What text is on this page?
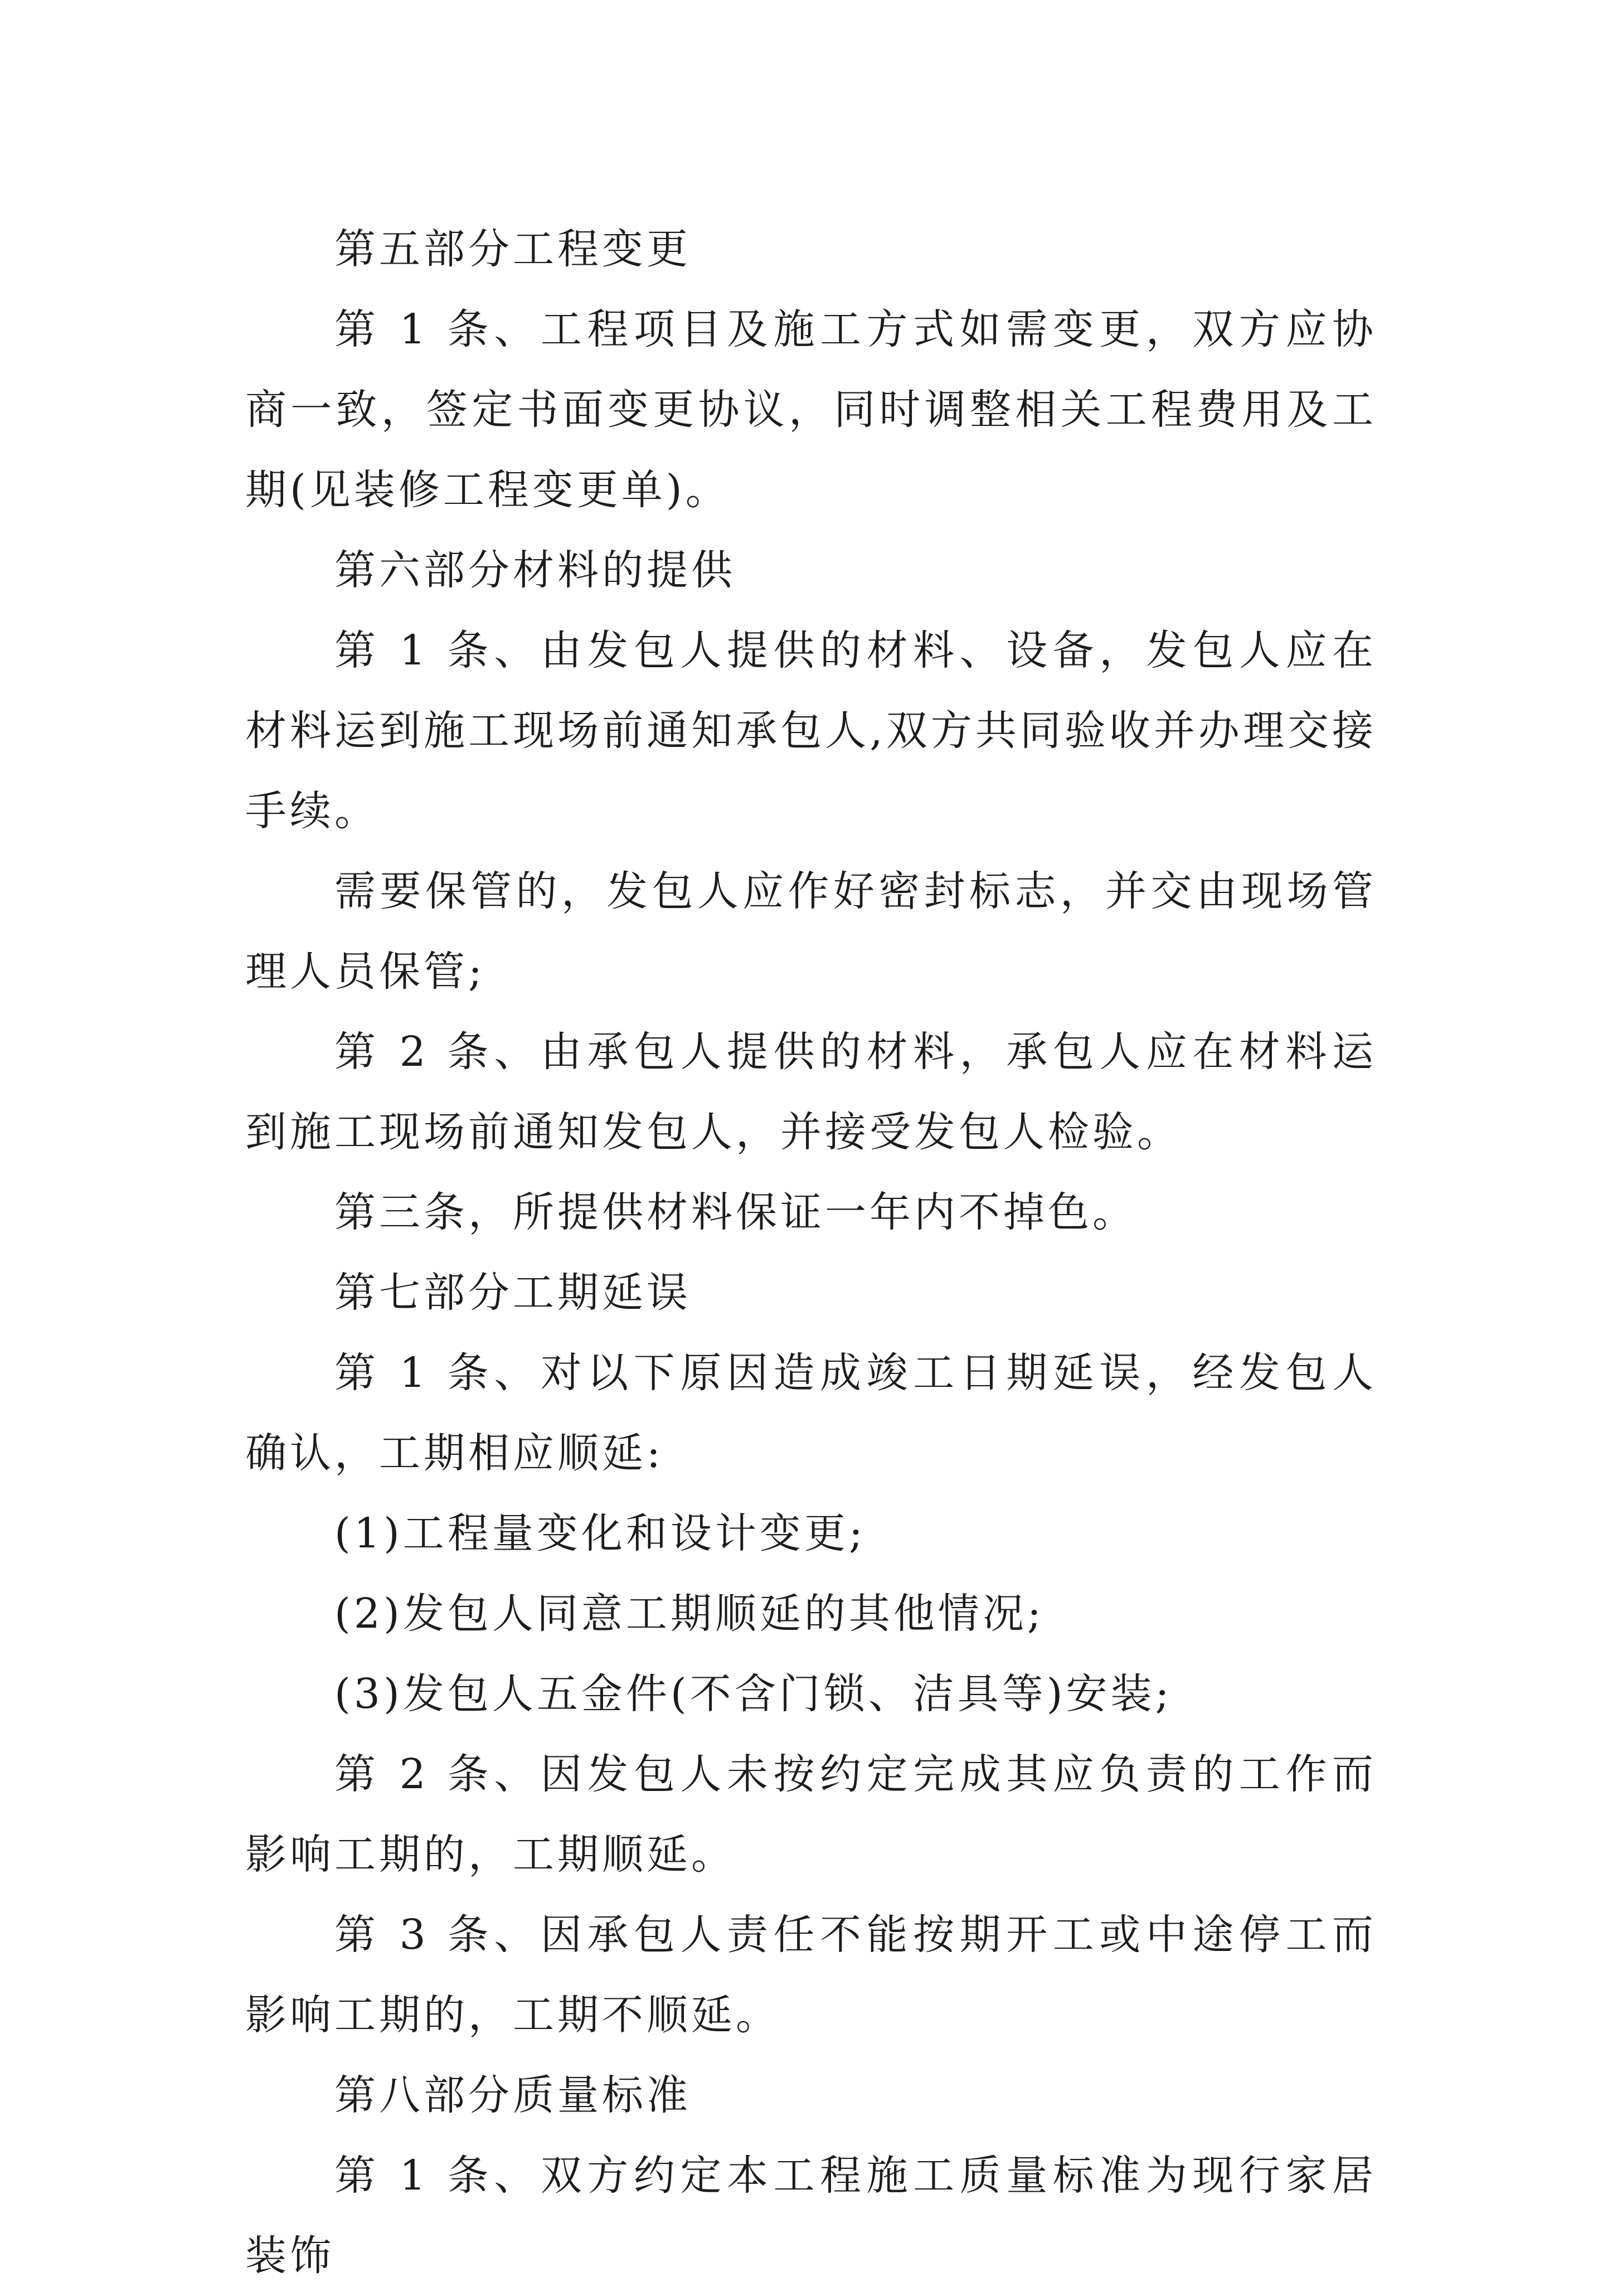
第五部分工程变更

第 1 条、工程项目及施工方式如需变更，双方应协商一致，签定书面变更协议，同时调整相关工程费用及工期(见装修工程变更单)。

第六部分材料的提供

第 1 条、由发包人提供的材料、设备，发包人应在材料运到施工现场前通知承包人,双方共同验收并办理交接手续。

需要保管的，发包人应作好密封标志，并交由现场管理人员保管;

第 2 条、由承包人提供的材料，承包人应在材料运到施工现场前通知发包人，并接受发包人检验。

第三条，所提供材料保证一年内不掉色。

第七部分工期延误

第 1 条、对以下原因造成竣工日期延误，经发包人确认，工期相应顺延:

(1)工程量变化和设计变更;

(2)发包人同意工期顺延的其他情况;

(3)发包人五金件(不含门锁、洁具等)安装;

第 2 条、因发包人未按约定完成其应负责的工作而影响工期的，工期顺延。

第 3 条、因承包人责任不能按期开工或中途停工而影响工期的，工期不顺延。

第八部分质量标准

第 1 条、双方约定本工程施工质量标准为现行家居装饰
